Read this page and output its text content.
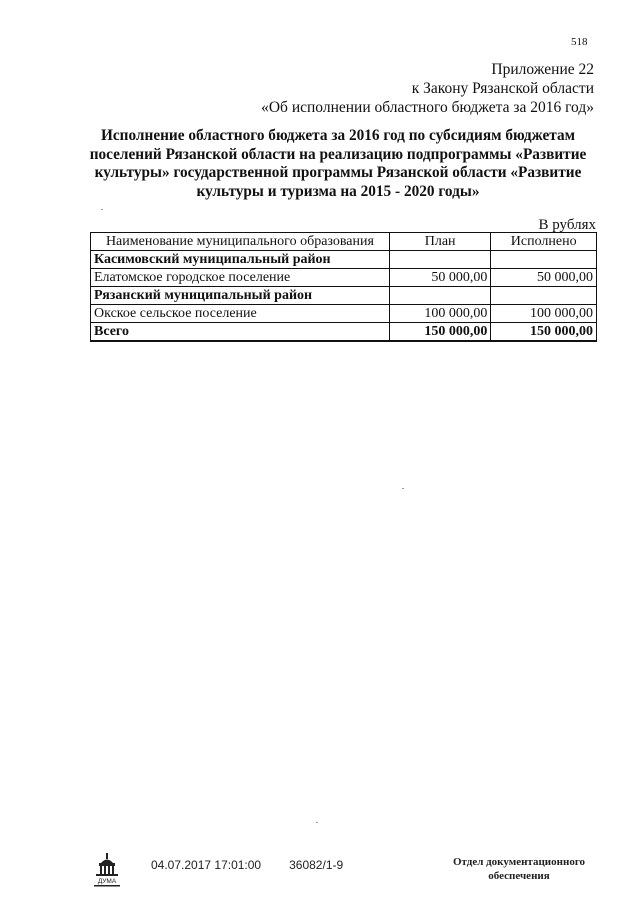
518
Приложение 22
к Закону Рязанской области
«Об исполнении областного бюджета за 2016 год»
Исполнение областного бюджета за 2016 год по субсидиям бюджетам
поселений Рязанской области на реализацию подпрограммы «Развитие
культуры» государственной программы Рязанской области «Развитие
культуры и туризма на 2015 - 2020 годы»
В рублях
Наименование муниципального образования	План	Исполнено
Касимовский муниципальный район		
Елатомское городское поселение	50 000,00	50 000,00
Рязанский муниципальный район		
Окское сельское поселение	100 000,00	100 000,00
Всего	150 000,00	150 000,00
ДУМА
04.07.2017 17:01:00 36082/1-9	Отдел документационного
обеспечения
